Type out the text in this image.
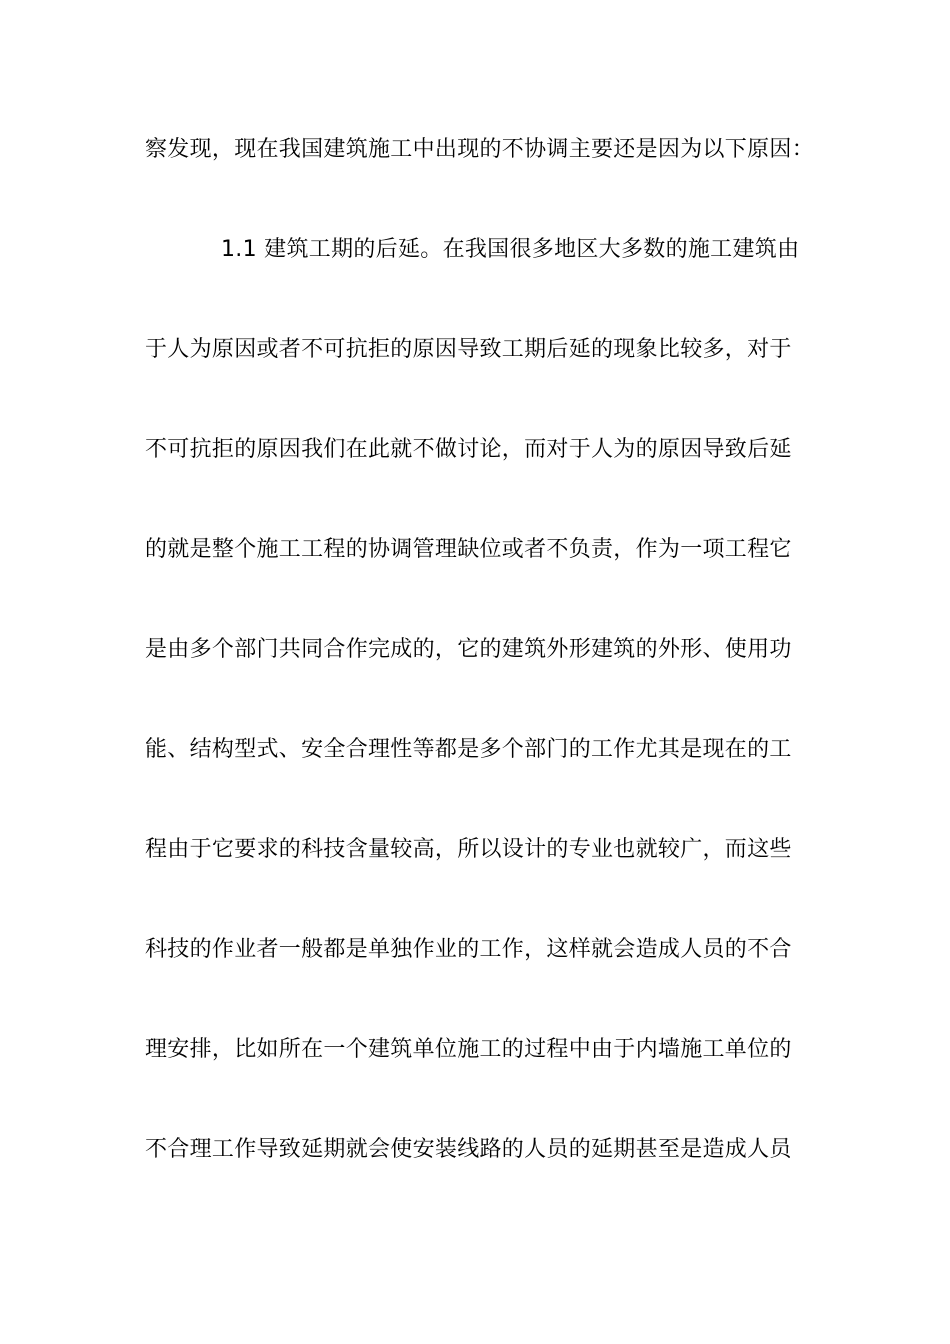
察发现，现在我国建筑施工中出现的不协调主要还是因为以下原因：
1.1 建筑工期的后延。在我国很多地区大多数的施工建筑由
于人为原因或者不可抗拒的原因导致工期后延的现象比较多，对于
不可抗拒的原因我们在此就不做讨论，而对于人为的原因导致后延
的就是整个施工工程的协调管理缺位或者不负责，作为一项工程它
是由多个部门共同合作完成的，它的建筑外形建筑的外形、使用功
能、结构型式、安全合理性等都是多个部门的工作尤其是现在的工
程由于它要求的科技含量较高，所以设计的专业也就较广，而这些
科技的作业者一般都是单独作业的工作，这样就会造成人员的不合
理安排，比如所在一个建筑单位施工的过程中由于内墙施工单位的
不合理工作导致延期就会使安装线路的人员的延期甚至是造成人员
